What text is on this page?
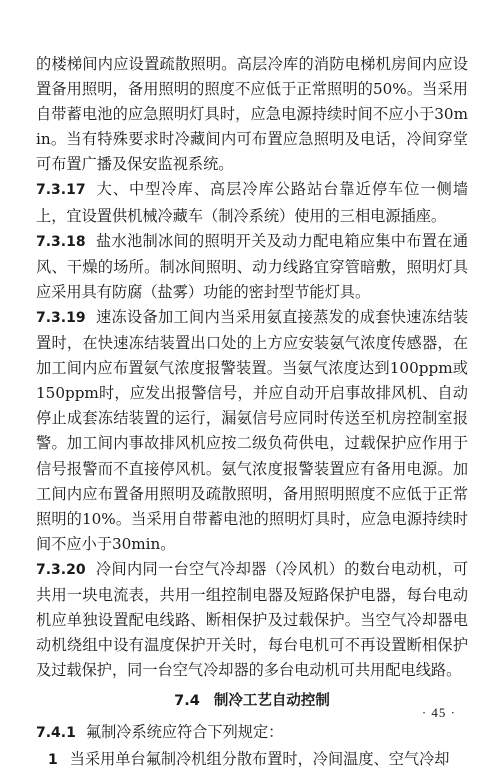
的楼梯间内应设置疏散照明。高层冷库的消防电梯机房间内应设置备用照明，备用照明的照度不应低于正常照明的50%。当采用自带蓄电池的应急照明灯具时，应急电源持续时间不应小于30min。当有特殊要求时冷藏间内可布置应急照明及电话，冷间穿堂可布置广播及保安监视系统。

7.3.17 大、中型冷库、高层冷库公路站台靠近停车位一侧墙上，宜设置供机械冷藏车（制冷系统）使用的三相电源插座。

7.3.18 盐水池制冰间的照明开关及动力配电箱应集中布置在通风、干燥的场所。制冰间照明、动力线路宜穿管暗敷，照明灯具应采用具有防腐（盐雾）功能的密封型节能灯具。

7.3.19 速冻设备加工间内当采用氨直接蒸发的成套快速冻结装置时，在快速冻结装置出口处的上方应安装氨气浓度传感器，在加工间内应布置氨气浓度报警装置。当氨气浓度达到100ppm或150ppm时，应发出报警信号，并应自动开启事故排风机、自动停止成套冻结装置的运行，漏氨信号应同时传送至机房控制室报警。加工间内事故排风机应按二级负荷供电，过载保护应作用于信号报警而不直接停风机。氨气浓度报警装置应有备用电源。加工间内应布置备用照明及疏散照明，备用照明照度不应低于正常照明的10%。当采用自带蓄电池的照明灯具时，应急电源持续时间不应小于30min。

7.3.20 冷间内同一台空气冷却器（冷风机）的数台电动机，可共用一块电流表，共用一组控制电器及短路保护电器，每台电动机应单独设置配电线路、断相保护及过载保护。当空气冷却器电动机绕组中设有温度保护开关时，每台电机可不再设置断相保护及过载保护，同一台空气冷却器的多台电动机可共用配电线路。

7.4 制冷工艺自动控制

7.4.1 氟制冷系统应符合下列规定：

1 当采用单台氟制冷机组分散布置时，冷间温度、空气冷却

· 45 ·
